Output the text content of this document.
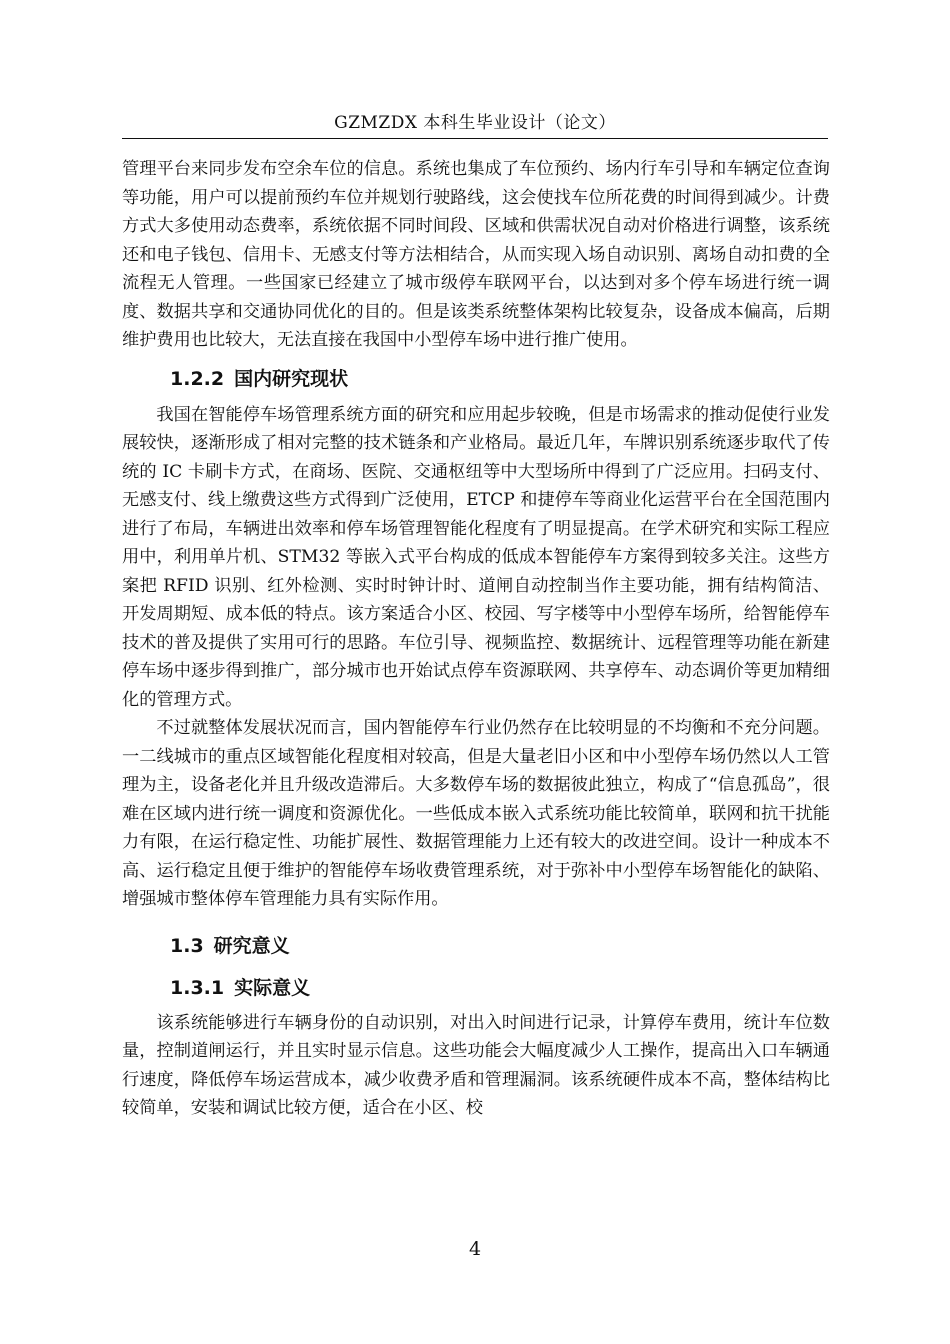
GZMZDX 本科生毕业设计（论文）

管理平台来同步发布空余车位的信息。系统也集成了车位预约、场内行车引导和车辆定位查询等功能，用户可以提前预约车位并规划行驶路线，这会使找车位所花费的时间得到减少。计费方式大多使用动态费率，系统依据不同时间段、区域和供需状况自动对价格进行调整，该系统还和电子钱包、信用卡、无感支付等方法相结合，从而实现入场自动识别、离场自动扣费的全流程无人管理。一些国家已经建立了城市级停车联网平台，以达到对多个停车场进行统一调度、数据共享和交通协同优化的目的。但是该类系统整体架构比较复杂，设备成本偏高，后期维护费用也比较大，无法直接在我国中小型停车场中进行推广使用。

1.2.2 国内研究现状

我国在智能停车场管理系统方面的研究和应用起步较晚，但是市场需求的推动促使行业发展较快，逐渐形成了相对完整的技术链条和产业格局。最近几年，车牌识别系统逐步取代了传统的 IC 卡刷卡方式，在商场、医院、交通枢纽等中大型场所中得到了广泛应用。扫码支付、无感支付、线上缴费这些方式得到广泛使用，ETCP 和捷停车等商业化运营平台在全国范围内进行了布局，车辆进出效率和停车场管理智能化程度有了明显提高。在学术研究和实际工程应用中，利用单片机、STM32 等嵌入式平台构成的低成本智能停车方案得到较多关注。这些方案把 RFID 识别、红外检测、实时时钟计时、道闸自动控制当作主要功能，拥有结构简洁、开发周期短、成本低的特点。该方案适合小区、校园、写字楼等中小型停车场所，给智能停车技术的普及提供了实用可行的思路。车位引导、视频监控、数据统计、远程管理等功能在新建停车场中逐步得到推广，部分城市也开始试点停车资源联网、共享停车、动态调价等更加精细化的管理方式。

不过就整体发展状况而言，国内智能停车行业仍然存在比较明显的不均衡和不充分问题。一二线城市的重点区域智能化程度相对较高，但是大量老旧小区和中小型停车场仍然以人工管理为主，设备老化并且升级改造滞后。大多数停车场的数据彼此独立，构成了“信息孤岛”，很难在区域内进行统一调度和资源优化。一些低成本嵌入式系统功能比较简单，联网和抗干扰能力有限，在运行稳定性、功能扩展性、数据管理能力上还有较大的改进空间。设计一种成本不高、运行稳定且便于维护的智能停车场收费管理系统，对于弥补中小型停车场智能化的缺陷、增强城市整体停车管理能力具有实际作用。

1.3 研究意义
1.3.1 实际意义

该系统能够进行车辆身份的自动识别，对出入时间进行记录，计算停车费用，统计车位数量，控制道闸运行，并且实时显示信息。这些功能会大幅度减少人工操作，提高出入口车辆通行速度，降低停车场运营成本，减少收费矛盾和管理漏洞。该系统硬件成本不高，整体结构比较简单，安装和调试比较方便，适合在小区、校

4
